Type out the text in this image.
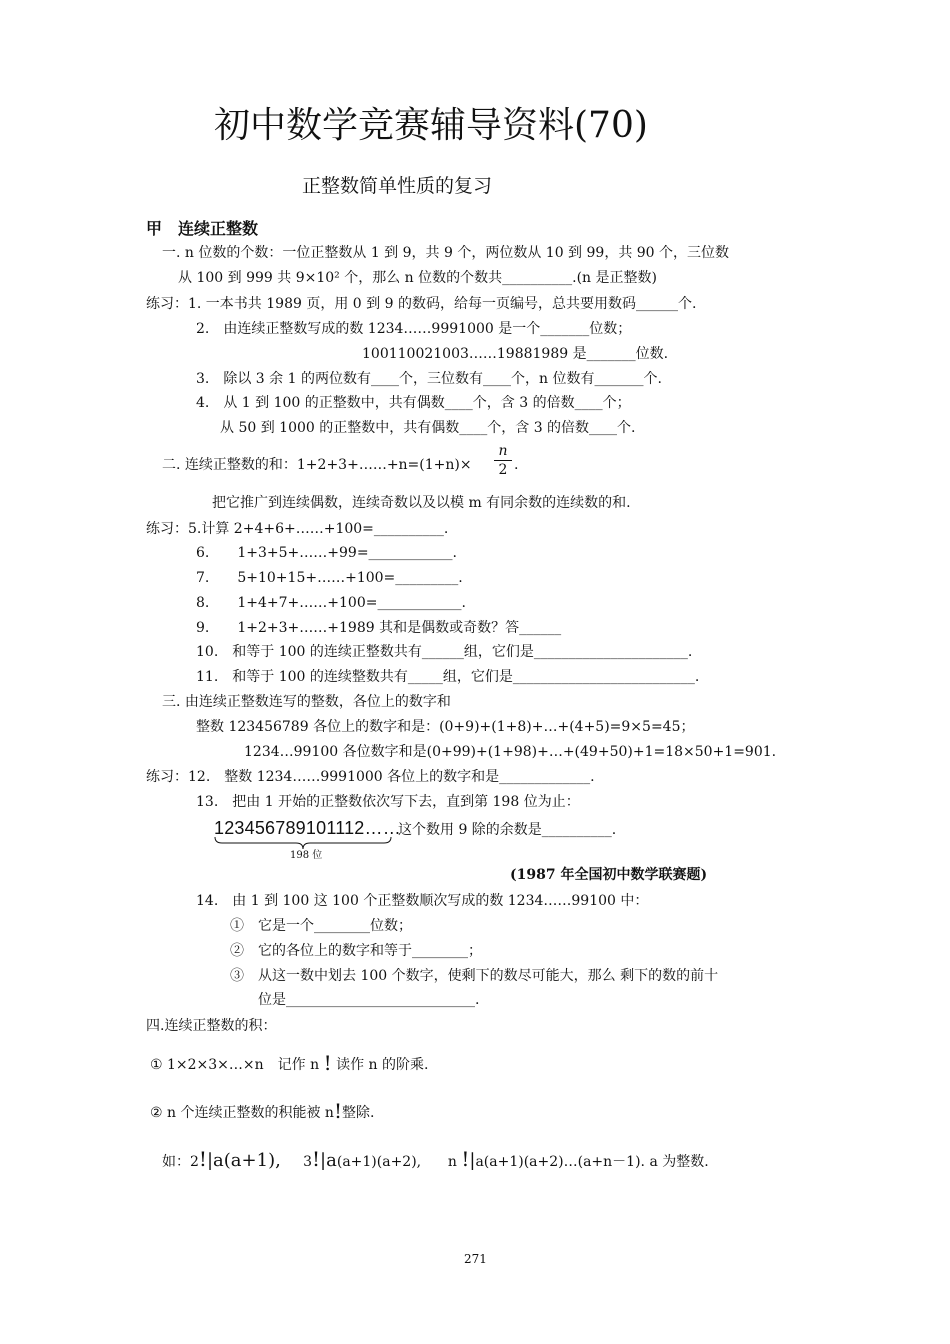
初中数学竞赛辅导资料(70)
正整数简单性质的复习
甲　连续正整数
一. n 位数的个数：一位正整数从 1 到 9，共 9 个，两位数从 10 到 99，共 90 个，三位数
从 100 到 999 共 9×10² 个，那么 n 位数的个数共__________.(n 是正整数)
练习：1. 一本书共 1989 页，用 0 到 9 的数码，给每一页编号，总共要用数码______个.
2.　由连续正整数写成的数 1234……9991000 是一个_______位数；
100110021003……19881989 是_______位数.
3.　除以 3 余 1 的两位数有____个，三位数有____个，n 位数有_______个.
4.　从 1 到 100 的正整数中，共有偶数____个，含 3 的倍数____个；
从 50 到 1000 的正整数中，共有偶数____个，含 3 的倍数____个.
二. 连续正整数的和：1+2+3+……+n=(1+n)×
n
2 .
把它推广到连续偶数，连续奇数以及以模 m 有同余数的连续数的和.
练习：5.计算 2+4+6+……+100=__________.
6.　　1+3+5+……+99=____________.
7.　　5+10+15+……+100=_________.
8.　　1+4+7+……+100=____________.
9.　　1+2+3+……+1989 其和是偶数或奇数？答______
10.　和等于 100 的连续正整数共有______组，它们是______________________.
11.　和等于 100 的连续整数共有_____组，它们是__________________________.
三. 由连续正整数连写的整数，各位上的数字和
整数 123456789 各位上的数字和是：(0+9)+(1+8)+…+(4+5)=9×5=45；
1234…99100 各位数字和是(0+99)+(1+98)+…+(49+50)+1=18×50+1=901.
练习：12.　整数 1234……9991000 各位上的数字和是_____________.
13.　把由 1 开始的正整数依次写下去，直到第 198 位为止：
123456789101112……
198 位
这个数用 9 除的余数是__________.
(1987 年全国初中数学联赛题)
14.　由 1 到 100 这 100 个正整数顺次写成的数 1234……99100 中：
①　它是一个________位数；
②　它的各位上的数字和等于________；
③　从这一数中划去 100 个数字，使剩下的数尽可能大，那么 剩下的数的前十
位是___________________________.
四.连续正整数的积：
① 1×2×3×…×n　记作 n ! 读作 n 的阶乘.
② n 个连续正整数的积能被 n!整除.
如：2!|a(a+1), 3!|a(a+1)(a+2), n !|a(a+1)(a+2)…(a+n－1). a 为整数.
271
